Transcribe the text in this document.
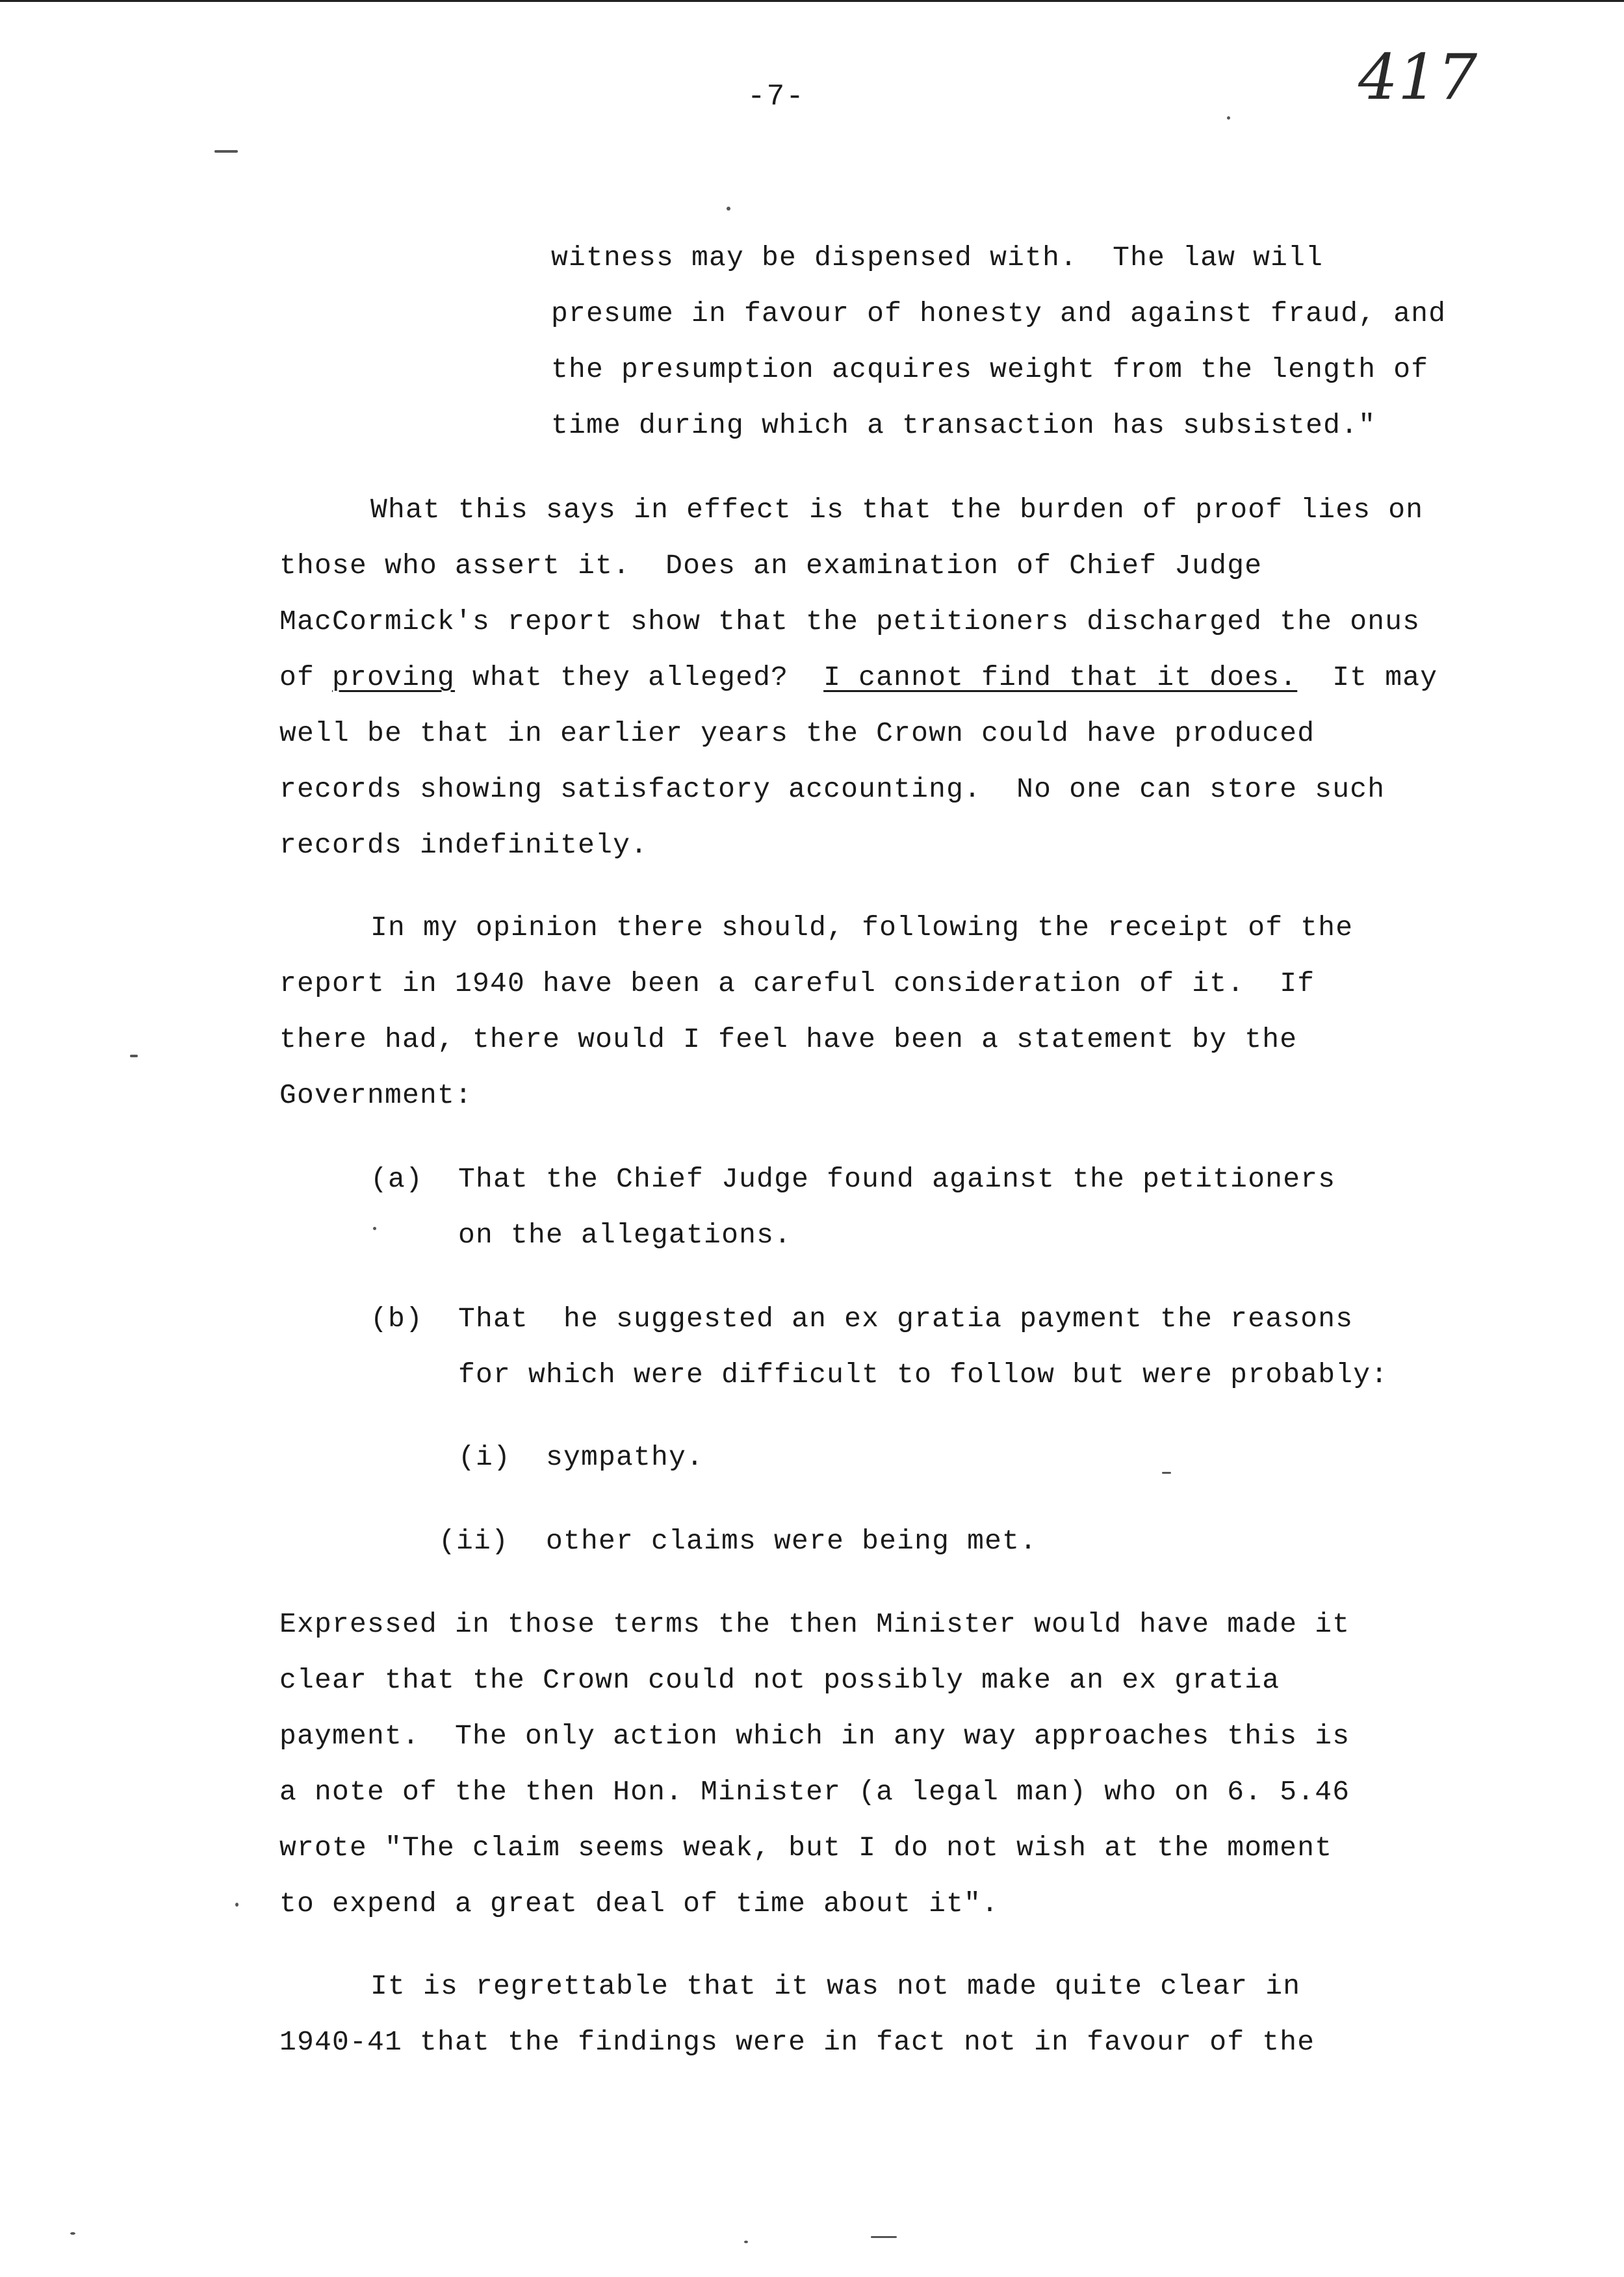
-7-	417
witness may be dispensed with.  The law will
presume in favour of honesty and against fraud, and
the presumption acquires weight from the length of
time during which a transaction has subsisted."
What this says in effect is that the burden of proof lies on
those who assert it.  Does an examination of Chief Judge
MacCormick's report show that the petitioners discharged the onus
of proving what they alleged?  I cannot find that it does.  It may
well be that in earlier years the Crown could have produced
records showing satisfactory accounting.  No one can store such
records indefinitely.
In my opinion there should, following the receipt of the
report in 1940 have been a careful consideration of it.  If
there had, there would I feel have been a statement by the
Government:
(a) That the Chief Judge found against the petitioners
on the allegations.
(b) That  he suggested an ex gratia payment the reasons
for which were difficult to follow but were probably:
(i) sympathy.
(ii) other claims were being met.
Expressed in those terms the then Minister would have made it
clear that the Crown could not possibly make an ex gratia
payment.  The only action which in any way approaches this is
a note of the then Hon. Minister (a legal man) who on 6. 5.46
wrote "The claim seems weak, but I do not wish at the moment
to expend a great deal of time about it".
It is regrettable that it was not made quite clear in
1940-41 that the findings were in fact not in favour of the
